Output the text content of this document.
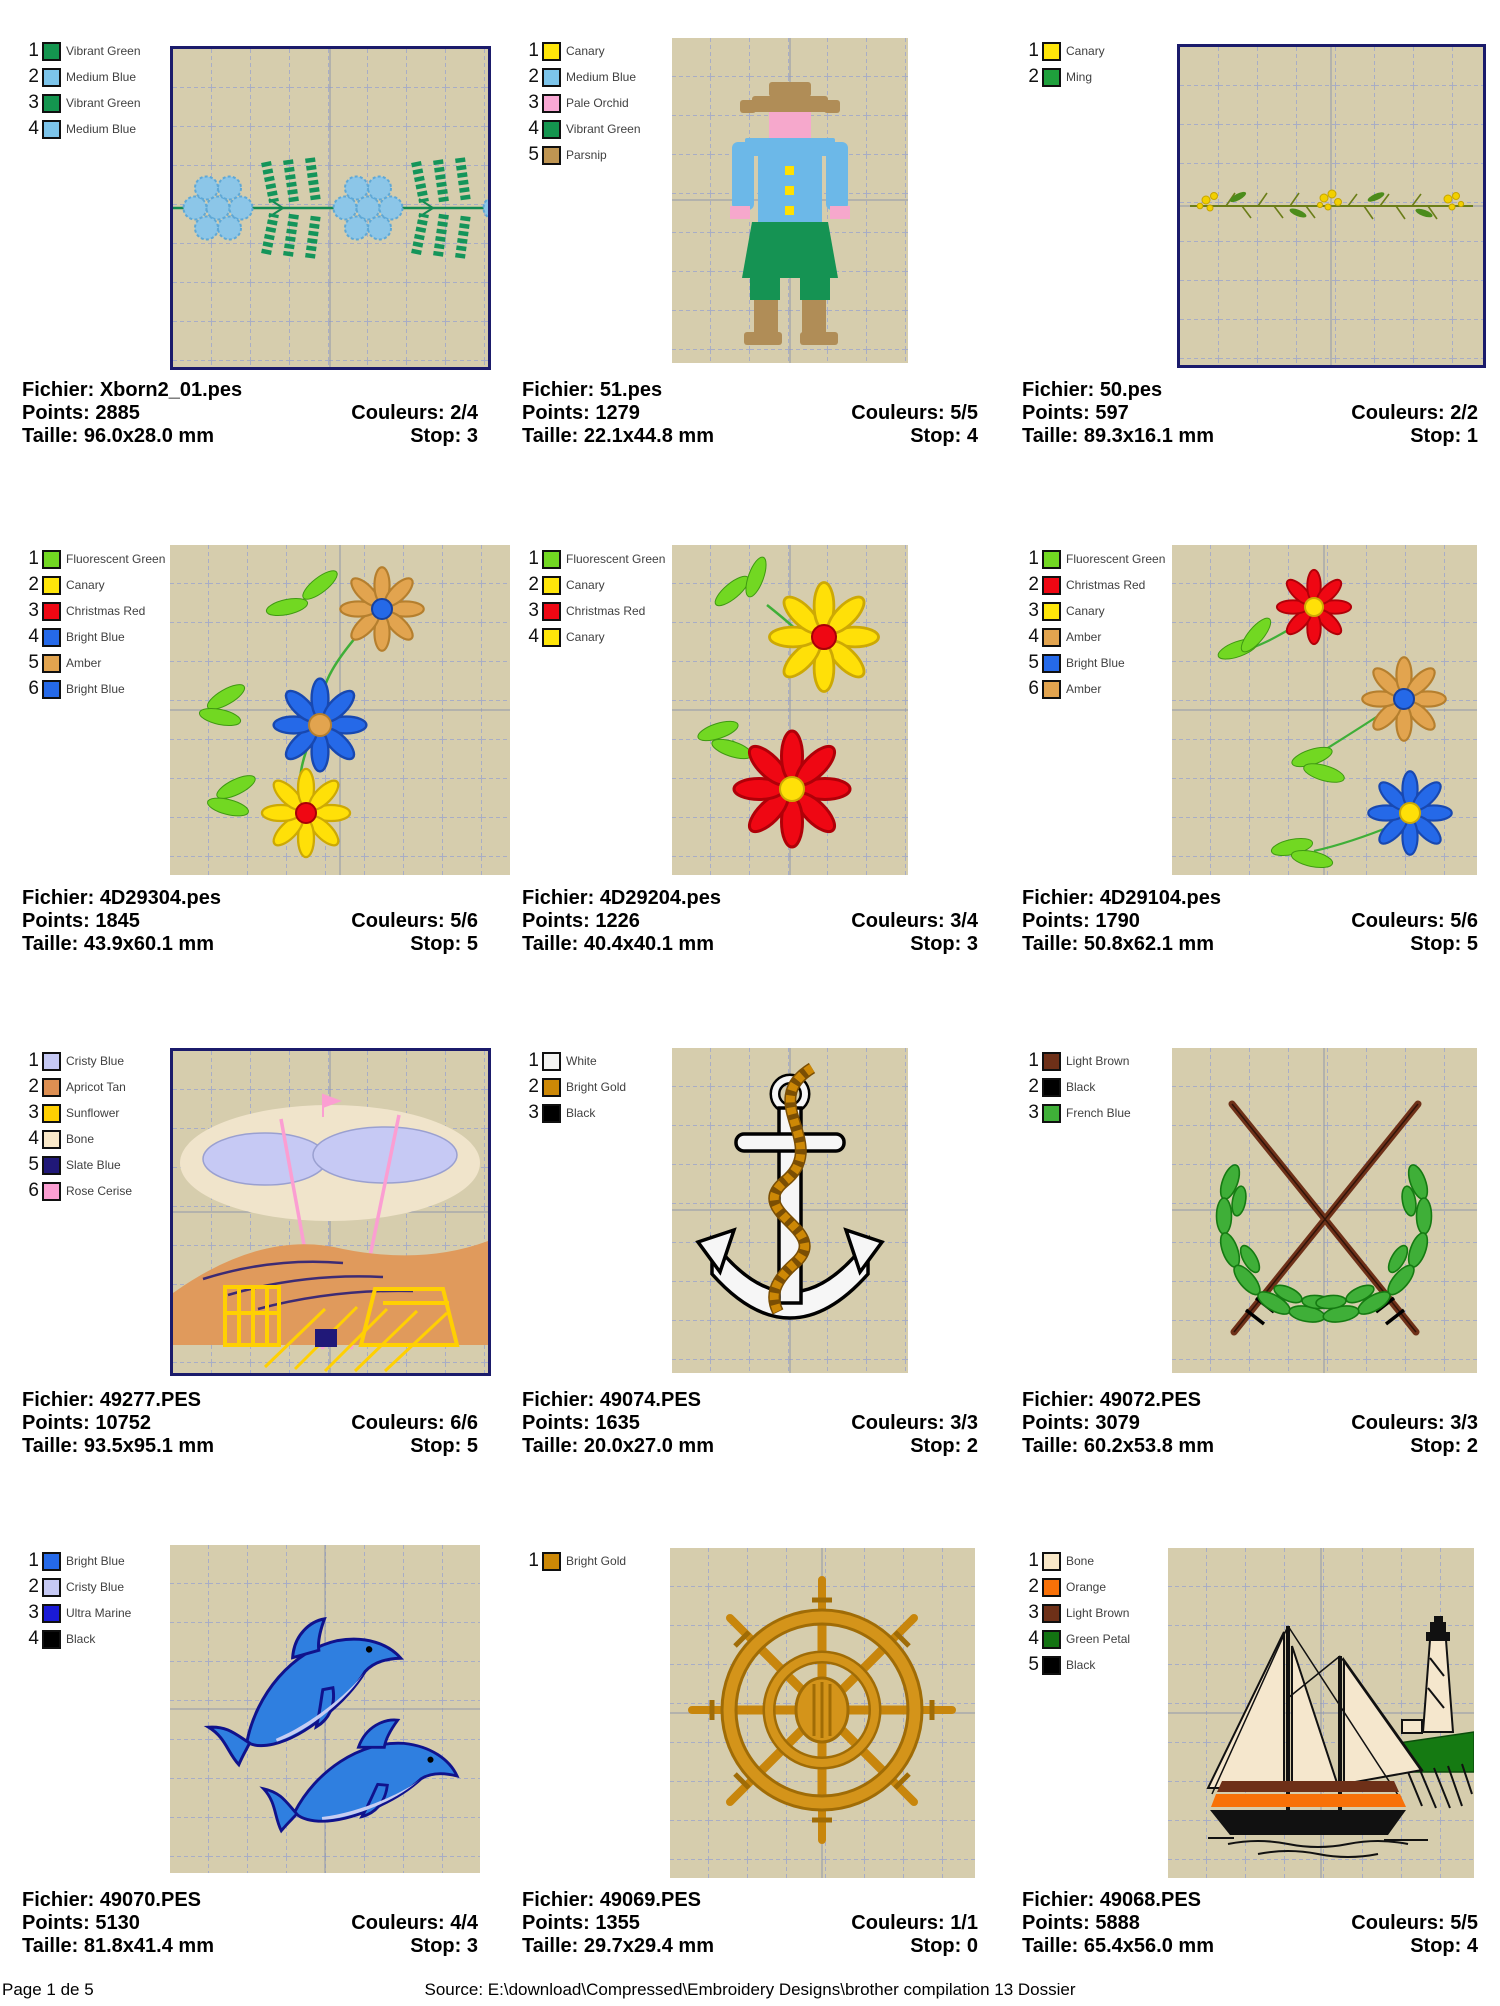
1 Vibrant Green
2 Medium Blue
3 Vibrant Green
4 Medium Blue
Fichier: Xborn2_01.pes
Points: 2885	Couleurs: 2/4
Taille: 96.0x28.0 mm	Stop: 3
1 Canary
2 Medium Blue
3 Pale Orchid
4 Vibrant Green
5 Parsnip
Fichier: 51.pes
Points: 1279	Couleurs: 5/5
Taille: 22.1x44.8 mm	Stop: 4
1 Canary
2 Ming
Fichier: 50.pes
Points: 597	Couleurs: 2/2
Taille: 89.3x16.1 mm	Stop: 1
1 Fluorescent Green
2 Canary
3 Christmas Red
4 Bright Blue
5 Amber
6 Bright Blue
Fichier: 4D29304.pes
Points: 1845	Couleurs: 5/6
Taille: 43.9x60.1 mm	Stop: 5
1 Fluorescent Green
2 Canary
3 Christmas Red
4 Canary
Fichier: 4D29204.pes
Points: 1226	Couleurs: 3/4
Taille: 40.4x40.1 mm	Stop: 3
1 Fluorescent Green
2 Christmas Red
3 Canary
4 Amber
5 Bright Blue
6 Amber
Fichier: 4D29104.pes
Points: 1790	Couleurs: 5/6
Taille: 50.8x62.1 mm	Stop: 5
1 Cristy Blue
2 Apricot Tan
3 Sunflower
4 Bone
5 Slate Blue
6 Rose Cerise
Fichier: 49277.PES
Points: 10752	Couleurs: 6/6
Taille: 93.5x95.1 mm	Stop: 5
1 White
2 Bright Gold
3 Black
Fichier: 49074.PES
Points: 1635	Couleurs: 3/3
Taille: 20.0x27.0 mm	Stop: 2
1 Light Brown
2 Black
3 French Blue
Fichier: 49072.PES
Points: 3079	Couleurs: 3/3
Taille: 60.2x53.8 mm	Stop: 2
1 Bright Blue
2 Cristy Blue
3 Ultra Marine
4 Black
Fichier: 49070.PES
Points: 5130	Couleurs: 4/4
Taille: 81.8x41.4 mm	Stop: 3
1 Bright Gold
Fichier: 49069.PES
Points: 1355	Couleurs: 1/1
Taille: 29.7x29.4 mm	Stop: 0
1 Bone
2 Orange
3 Light Brown
4 Green Petal
5 Black
Fichier: 49068.PES
Points: 5888	Couleurs: 5/5
Taille: 65.4x56.0 mm	Stop: 4
Page 1 de 5	Source: E:\download\Compressed\Embroidery Designs\brother compilation 13 Dossier
